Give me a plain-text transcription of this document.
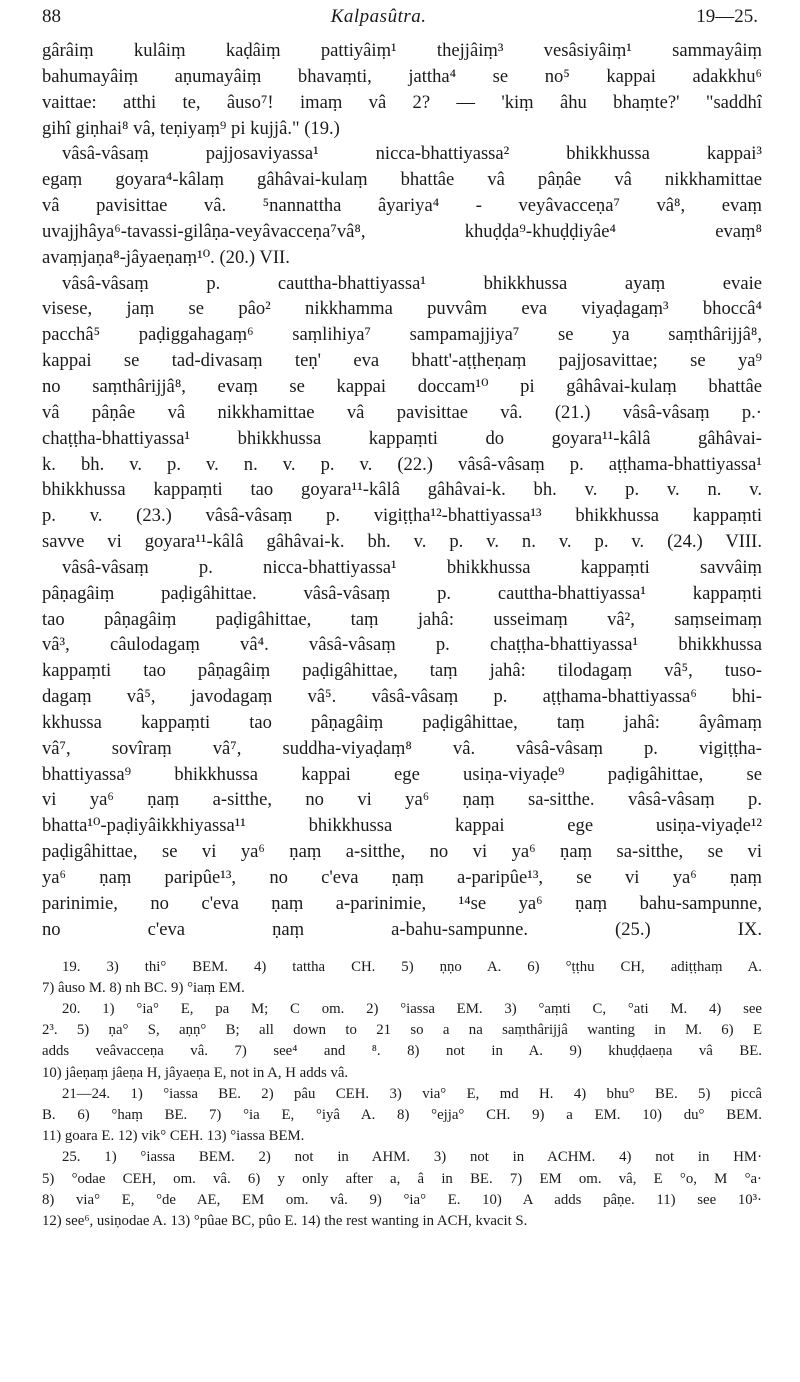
88	Kalpasûtra.	19—25.
gârâiṃ kulâiṃ kaḍâiṃ pattiyâiṃ¹ thejjâiṃ³ vesâsiyâiṃ¹ sammayâiṃ
bahumayâiṃ aṇumayâiṃ bhavaṃti, jattha⁴ se no⁵ kappai adakkhu⁶
vaittae: atthi te, âuso⁷! imaṃ vâ 2? — 'kiṃ âhu bhaṃte?' "saddhî
gihî giṇhai⁸ vâ, teṇiyaṃ⁹ pi kujjâ." (19.)
vâsâ-vâsaṃ pajjosaviyassa¹ nicca-bhattiyassa² bhikkhussa kappai³
egaṃ goyara⁴-kâlaṃ gâhâvai-kulaṃ bhattâe vâ pâṇâe vâ nikkhamittae
vâ pavisittae vâ. ⁵nannattha âyariya⁴ - veyâvacceṇa⁷ vâ⁸, evaṃ
uvajjhâya⁶-tavassi-gilâṇa-veyâvacceṇa⁷vâ⁸, khuḍḍa⁹-khuḍḍiyâe⁴ evaṃ⁸
avaṃjaṇa⁸-jâyaeṇaṃ¹⁰. (20.) VII.
vâsâ-vâsaṃ p. cauttha-bhattiyassa¹ bhikkhussa ayaṃ evaie
visese, jaṃ se pâo² nikkhamma puvvâm eva viyaḍagaṃ³ bhoccâ⁴
pacchâ⁵ paḍiggahagaṃ⁶ saṃlihiya⁷ sampamajjiya⁷ se ya saṃthârijjâ⁸,
kappai se tad-divasaṃ teṇ' eva bhatt'-aṭṭheṇaṃ pajjosavittae; se ya⁹
no saṃthârijjâ⁸, evaṃ se kappai doccam¹⁰ pi gâhâvai-kulaṃ bhattâe
vâ pâṇâe vâ nikkhamittae vâ pavisittae vâ. (21.) vâsâ-vâsaṃ p.·
chaṭṭha-bhattiyassa¹ bhikkhussa kappaṃti do goyara¹¹-kâlâ gâhâvai-
k. bh. v. p. v. n. v. p. v. (22.) vâsâ-vâsaṃ p. aṭṭhama-bhattiyassa¹
bhikkhussa kappaṃti tao goyara¹¹-kâlâ gâhâvai-k. bh. v. p. v. n. v.
p. v. (23.) vâsâ-vâsaṃ p. vigiṭṭha¹²-bhattiyassa¹³ bhikkhussa kappaṃti
savve vi goyara¹¹-kâlâ gâhâvai-k. bh. v. p. v. n. v. p. v. (24.) VIII.
vâsâ-vâsaṃ p. nicca-bhattiyassa¹ bhikkhussa kappaṃti savvâiṃ
pâṇagâiṃ paḍigâhittae. vâsâ-vâsaṃ p. cauttha-bhattiyassa¹ kappaṃti
tao pâṇagâiṃ paḍigâhittae, taṃ jahâ: usseimaṃ vâ², saṃseimaṃ
vâ³, câulodagaṃ vâ⁴. vâsâ-vâsaṃ p. chaṭṭha-bhattiyassa¹ bhikkhussa
kappaṃti tao pâṇagâiṃ paḍigâhittae, taṃ jahâ: tilodagaṃ vâ⁵, tuso-
dagaṃ vâ⁵, javodagaṃ vâ⁵. vâsâ-vâsaṃ p. aṭṭhama-bhattiyassa⁶ bhi-
kkhussa kappaṃti tao pâṇagâiṃ paḍigâhittae, taṃ jahâ: âyâmaṃ
vâ⁷, sovîraṃ vâ⁷, suddha-viyaḍaṃ⁸ vâ. vâsâ-vâsaṃ p. vigiṭṭha-
bhattiyassa⁹ bhikkhussa kappai ege usiṇa-viyaḍe⁹ paḍigâhittae, se
vi ya⁶ ṇaṃ a-sitthe, no vi ya⁶ ṇaṃ sa-sitthe. vâsâ-vâsaṃ p.
bhatta¹⁰-paḍiyâikkhiyassa¹¹ bhikkhussa kappai ege usiṇa-viyaḍe¹²
paḍigâhittae, se vi ya⁶ ṇaṃ a-sitthe, no vi ya⁶ ṇaṃ sa-sitthe, se vi
ya⁶ ṇaṃ paripûe¹³, no c'eva ṇaṃ a-paripûe¹³, se vi ya⁶ ṇaṃ
parinimie, no c'eva ṇaṃ a-parinimie, ¹⁴se ya⁶ ṇaṃ bahu-sampunne,
no c'eva ṇaṃ a-bahu-sampunne. (25.) IX.
19. 3) thi° BEM. 4) tattha CH. 5) ṇṇo A. 6) °ṭṭhu CH, adiṭṭhaṃ A.
7) âuso M. 8) nh BC. 9) °iaṃ EM.
20. 1) °ia° E, pa M; C om. 2) °iassa EM. 3) °aṃti C, °ati M. 4) see
2³. 5) ṇa° S, aṇṇ° B; all down to 21 so a na saṃthârijjâ wanting in M. 6) E
adds veâvacceṇa vâ. 7) see⁴ and ⁸. 8) not in A. 9) khuḍḍaeṇa vâ BE.
10) jâeṇaṃ jâeṇa H, jâyaeṇa E, not in A, H adds vâ.
21—24. 1) °iassa BE. 2) pâu CEH. 3) via° E, md H. 4) bhu° BE. 5) piccâ
B. 6) °haṃ BE. 7) °ia E, °iyâ A. 8) °ejja° CH. 9) a EM. 10) du° BEM.
11) goara E. 12) vik° CEH. 13) °iassa BEM.
25. 1) °iassa BEM. 2) not in AHM. 3) not in ACHM. 4) not in HM·
5) °odae CEH, om. vâ. 6) y only after a, â in BE. 7) EM om. vâ, E °o, M °a·
8) via° E, °de AE, EM om. vâ. 9) °ia° E. 10) A adds pâṇe. 11) see 10³·
12) see⁶, usiṇodae A. 13) °pûae BC, pûo E. 14) the rest wanting in ACH, kvacit S.
